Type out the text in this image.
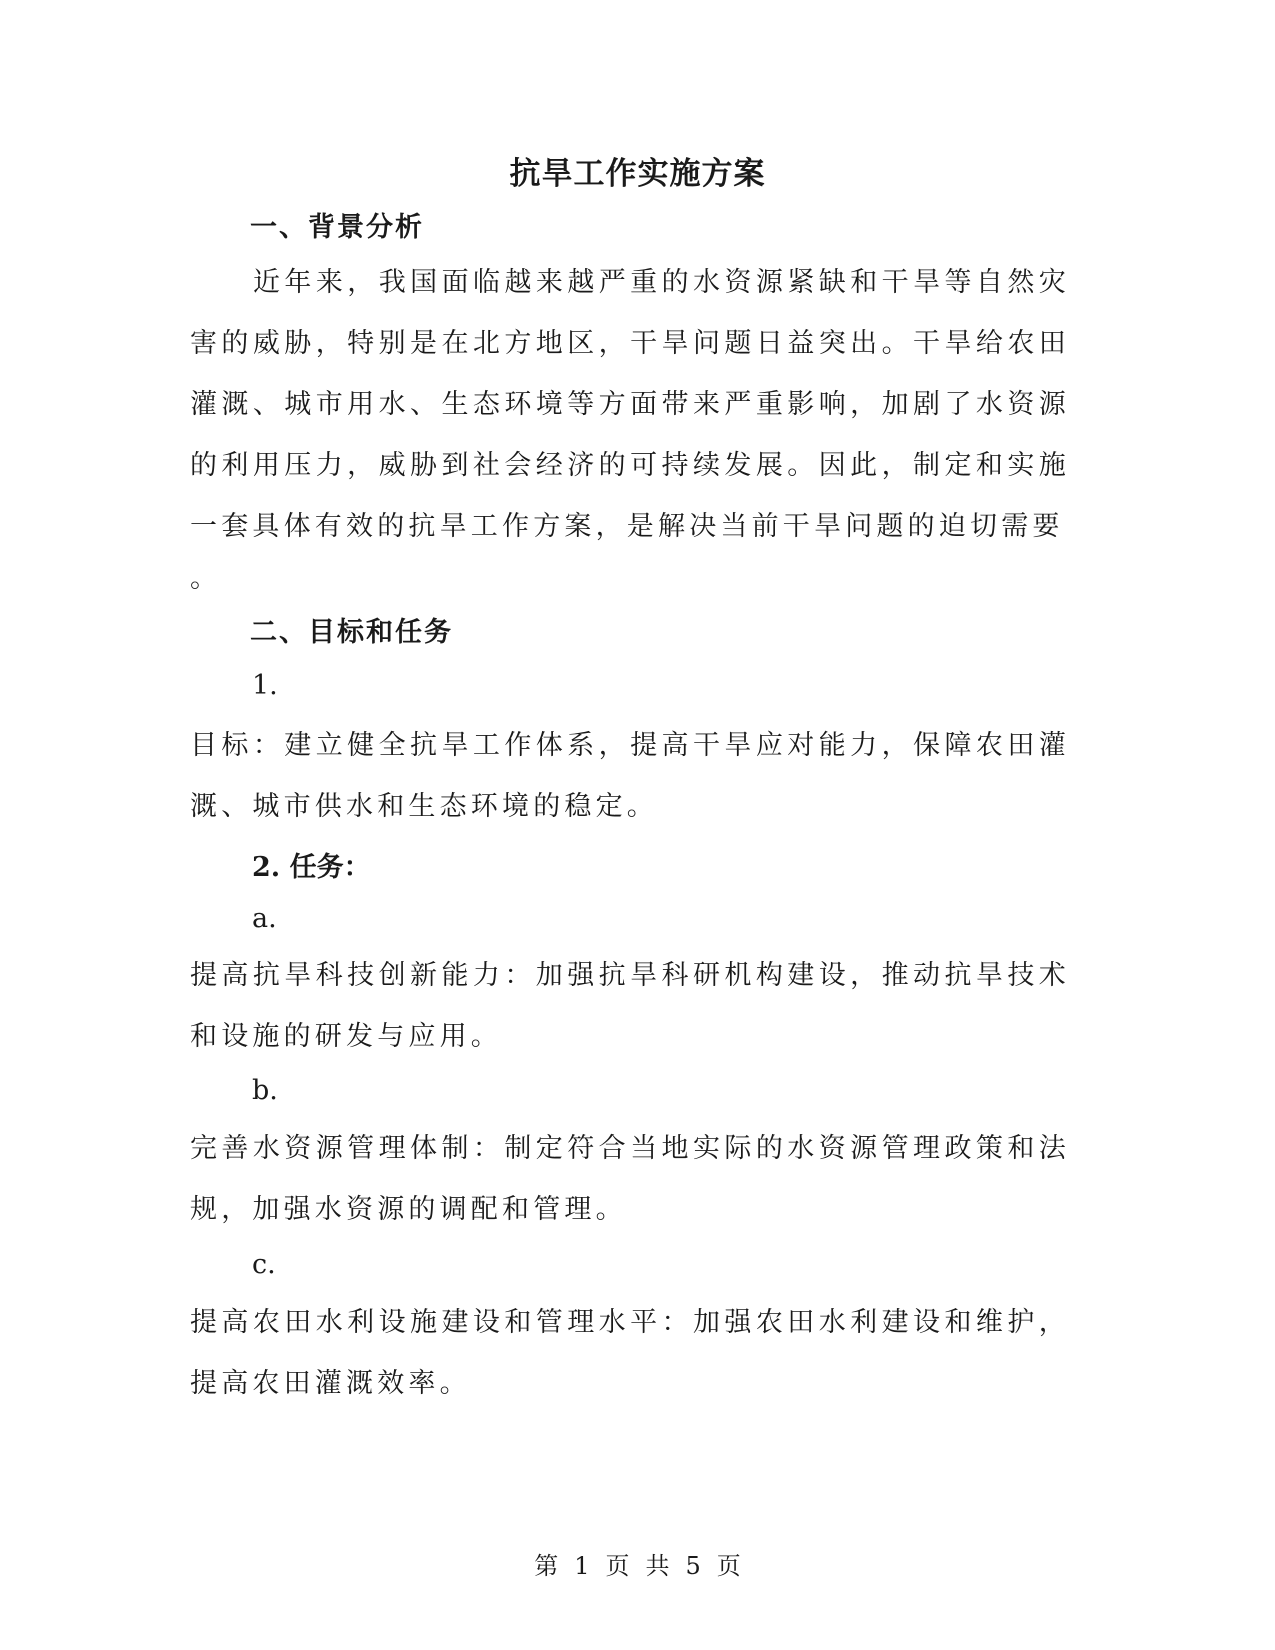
抗旱工作实施方案
一、背景分析

近年来，我国面临越来越严重的水资源紧缺和干旱等自然灾害的威胁，特别是在北方地区，干旱问题日益突出。干旱给农田灌溉、城市用水、生态环境等方面带来严重影响，加剧了水资源的利用压力，威胁到社会经济的可持续发展。因此，制定和实施一套具体有效的抗旱工作方案，是解决当前干旱问题的迫切需要

。
二、目标和任务
1.

目标：建立健全抗旱工作体系，提高干旱应对能力，保障农田灌溉、城市供水和生态环境的稳定。

2. 任务：
a.

提高抗旱科技创新能力：加强抗旱科研机构建设，推动抗旱技术和设施的研发与应用。

b.

完善水资源管理体制：制定符合当地实际的水资源管理政策和法规，加强水资源的调配和管理。

c.

提高农田水利设施建设和管理水平：加强农田水利建设和维护，提高农田灌溉效率。

第 1 页 共 5 页
